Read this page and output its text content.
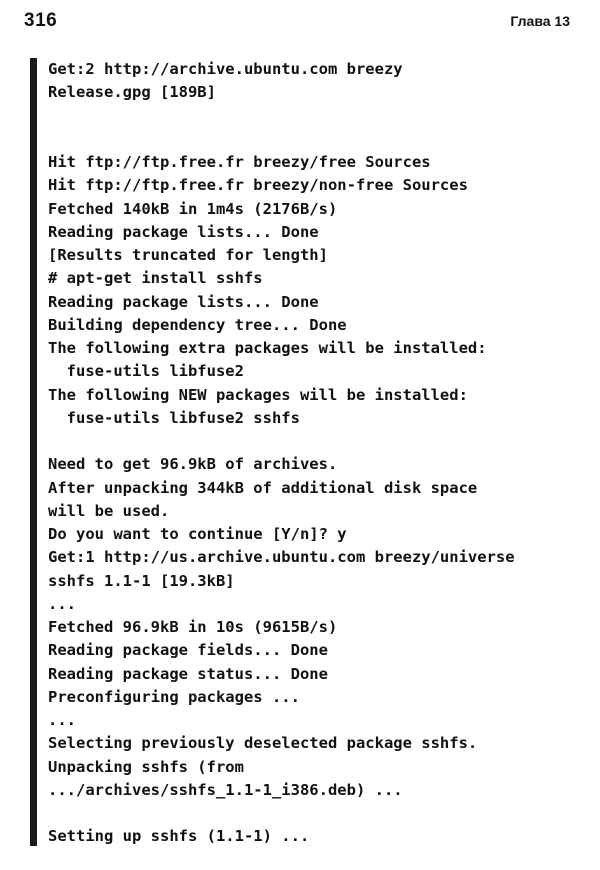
316	Глава 13
Get:2 http://archive.ubuntu.com breezy
Release.gpg [189B]
Hit ftp://ftp.free.fr breezy/free Sources
Hit ftp://ftp.free.fr breezy/non-free Sources
Fetched 140kB in 1m4s (2176B/s)
Reading package lists... Done
[Results truncated for length]
# apt-get install sshfs
Reading package lists... Done
Building dependency tree... Done
The following extra packages will be installed:
fuse-utils libfuse2
The following NEW packages will be installed:
fuse-utils libfuse2 sshfs
Need to get 96.9kB of archives.
After unpacking 344kB of additional disk space
will be used.
Do you want to continue [Y/n]? y
Get:1 http://us.archive.ubuntu.com breezy/universe
sshfs 1.1-1 [19.3kB]
...
Fetched 96.9kB in 10s (9615B/s)
Reading package fields... Done
Reading package status... Done
Preconfiguring packages ...
...
Selecting previously deselected package sshfs.
Unpacking sshfs (from
.../archives/sshfs_1.1-1_i386.deb) ...
Setting up sshfs (1.1-1) ...
